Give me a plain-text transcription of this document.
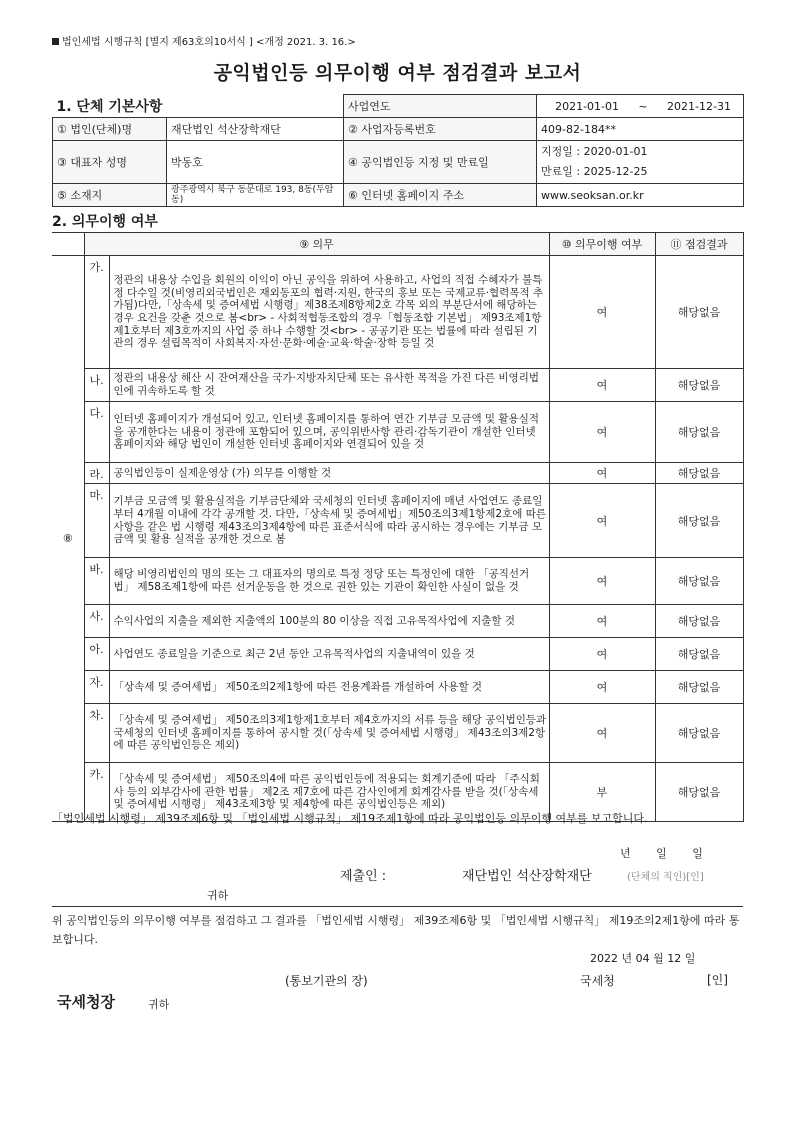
법인세법 시행규칙 [별지 제63호의10서식 ] <개정 2021. 3. 16.>
공익법인등 의무이행 여부 점검결과 보고서
1. 단체 기본사항		사업연도	2021-01-01 ~ 2021-12-31
① 법인(단체)명	재단법인 석산장학재단	② 사업자등록번호	409-82-184**
③ 대표자 성명	박동호	④ 공익법인등 지정 및 만료일	지정일 : 2020-01-01
만료일 : 2025-12-25

⑤ 소재지	광주광역시 북구 동문대로 193, 8동(두암동)	⑥ 인터넷 홈페이지 주소	www.seoksan.or.kr
2. 의무이행 여부
	⑨ 의무		⑩ 의무이행 여부	⑪ 점검결과
⑧	가.	정관의 내용상 수입을 회원의 이익이 아닌 공익을 위하여 사용하고, 사업의 직접 수혜자가 불특정 다수일 것(비영리외국법인은 재외동포의 협력·지원, 한국의 홍보 또는 국제교류·협력목적 추가됨)다만,「상속세 및 증여세법 시행령」제38조제8항제2호 각목 외의 부분단서에 해당하는 경우 요건을 갖춘 것으로 봄<br> - 사회적협동조합의 경우「협동조합 기본법」 제93조제1항제1호부터 제3호까지의 사업 중 하나 수행할 것<br> - 공공기관 또는 법률에 따라 설립된 기관의 경우 설립목적이 사회복지·자선·문화·예술·교육·학술·장학 등일 것	여	해당없음
	나.	정관의 내용상 해산 시 잔여재산을 국가·지방자치단체 또는 유사한 목적을 가진 다른 비영리법인에 귀속하도록 할 것	여	해당없음
	다.	인터넷 홈페이지가 개설되어 있고, 인터넷 홈페이지를 통하여 연간 기부금 모금액 및 활용실적을 공개한다는 내용이 정관에 포함되어 있으며, 공익위반사항 관리·감독기관이 개설한 인터넷 홈페이지와 해당 법인이 개설한 인터넷 홈페이지와 연결되어 있을 것	여	해당없음
	라.	공익법인등이 실제운영상 (가) 의무를 이행할 것	여	해당없음
	마.	기부금 모금액 및 활용실적을 기부금단체와 국세청의 인터넷 홈페이지에 매년 사업연도 종료일부터 4개월 이내에 각각 공개할 것. 다만,「상속세 및 증여세법」제50조의3제1항제2호에 따른 사항을 같은 법 시행령 제43조의3제4항에 따른 표준서식에 따라 공시하는 경우에는 기부금 모금액 및 활용 실적을 공개한 것으로 봄	여	해당없음
	바.	해당 비영리법인의 명의 또는 그 대표자의 명의로 특정 정당 또는 특정인에 대한 「공직선거법」 제58조제1항에 따른 선거운동을 한 것으로 권한 있는 기관이 확인한 사실이 없을 것	여	해당없음
	사.	수익사업의 지출을 제외한 지출액의 100분의 80 이상을 직접 고유목적사업에 지출할 것	여	해당없음
	아.	사업연도 종료일을 기준으로 최근 2년 동안 고유목적사업의 지출내역이 있을 것	여	해당없음
	자.	「상속세 및 증여세법」 제50조의2제1항에 따른 전용계좌를 개설하여 사용할 것	여	해당없음
	차.	「상속세 및 증여세법」 제50조의3제1항제1호부터 제4호까지의 서류 등을 해당 공익법인등과 국세청의 인터넷 홈페이지를 통하여 공시할 것(「상속세 및 증여세법 시행령」 제43조의3제2항에 따른 공익법인등은 제외)	여	해당없음
	카.	「상속세 및 증여세법」 제50조의4에 따른 공익법인등에 적용되는 회계기준에 따라 「주식회사 등의 외부감사에 관한 법률」 제2조 제7호에 따른 감사인에게 회계감사를 받을 것(「상속세 및 증여세법 시행령」 제43조제3항 및 제4항에 따른 공익법인등은 제외)	부	해당없음
「법인세법 시행령」 제39조제6항 및 「법인세법 시행규칙」 제19조제1항에 따라 공익법인등 의무이행 여부를 보고합니다.
년 일 일
제출인 :	재단법인 석산장학재단	(단체의 직인)[인]
귀하
위 공익법인등의 의무이행 여부를 점검하고 그 결과를 「법인세법 시행령」 제39조제6항 및 「법인세법 시행규칙」 제19조의2제1항에 따라 통보합니다.
2022 년 04 월 12 일
(통보기관의 장)	국세청	[인]
국세청장	귀하
